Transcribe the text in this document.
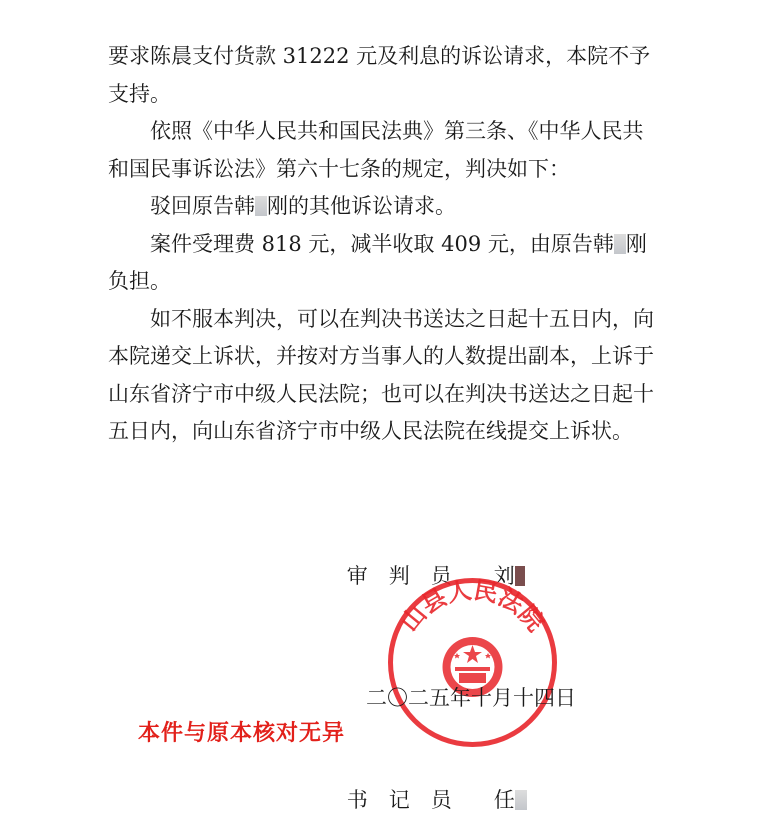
要求陈晨支付货款 31222 元及利息的诉讼请求，本院不予支持。

依照《中华人民共和国民法典》第三条、《中华人民共和国民事诉讼法》第六十七条的规定，判决如下：

驳回原告韩 刚的其他诉讼请求。

案件受理费 818 元，减半收取 409 元，由原告韩 刚负担。

如不服本判决，可以在判决书送达之日起十五日内，向本院递交上诉状，并按对方当事人的人数提出副本，上诉于山东省济宁市中级人民法院；也可以在判决书送达之日起十五日内，向山东省济宁市中级人民法院在线提交上诉状。

审　判　员　　 刘

山县人民法院
二〇二五年十月十四日
本件与原本核对无异

书　记　员　　 任
